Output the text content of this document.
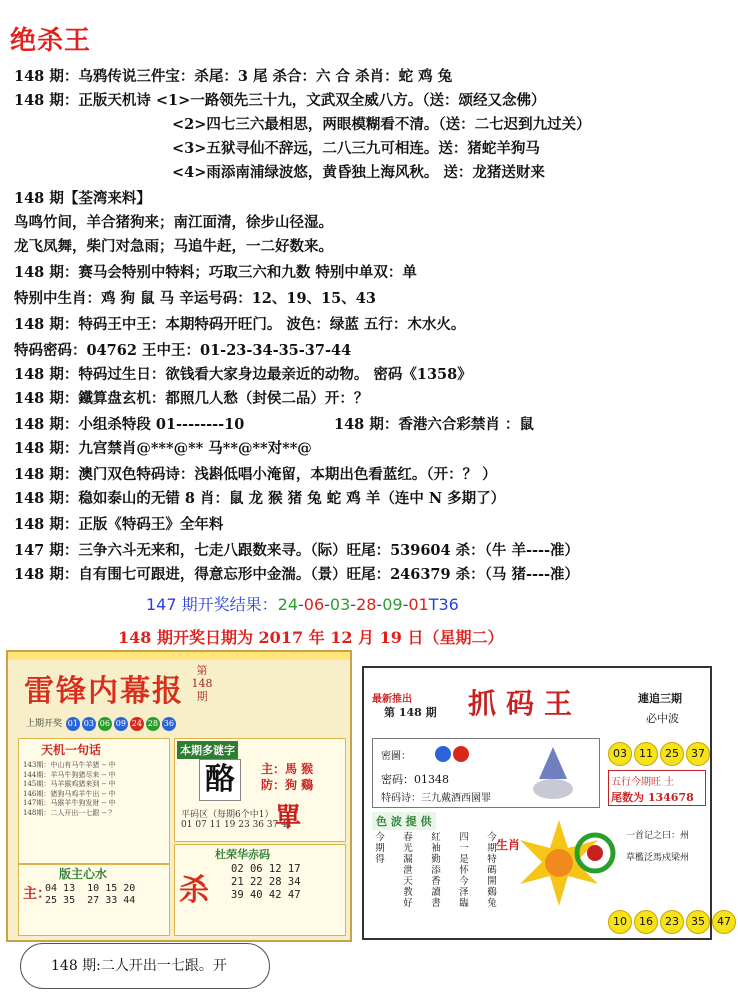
绝杀王
148 期：乌鸦传说三件宝：杀尾：3 尾 杀合：六 合 杀肖：蛇 鸡 兔
148 期：正版天机诗 <1>一路领先三十九，文武双全威八方。（送：颂经又念佛）
<2>四七三六最相思，两眼模糊看不清。（送：二七迟到九过关）
<3>五狱寻仙不辞远，二八三九可相连。送：猪蛇羊狗马
<4>雨添南浦绿波悠，黄昏独上海风秋。 送：龙猪送财来
148 期【荃湾来料】
鸟鸣竹间，羊合猪狗来；南江面清，徐步山径湿。
龙飞凤舞，柴门对急雨；马追牛赶，一二好数来。
148 期：赛马会特别中特料；巧取三六和九数 特别中单双：单
特别中生肖：鸡 狗 鼠 马 辛运号码：12、19、15、43
148 期：特码王中王：本期特码开旺门。 波色：绿蓝 五行：木水火。
特码密码：04762 王中王：01-23-34-35-37-44
148 期：特码过生日：欲钱看大家身边最亲近的动物。 密码《1358》
148 期：鐵算盘玄机：都照几人愁（封侯二品）开：？
148 期：小组杀特段 01--------10	148 期：香港六合彩禁肖 ：鼠
148 期：九宫禁肖@***@** 马**@**对**@
148 期：澳门双色特码诗：浅斟低唱小淹留，本期出色看蓝红。（开：？ ）
148 期：稳如泰山的无错 8 肖：鼠 龙 猴 猪 兔 蛇 鸡 羊（连中 N 多期了）
148 期：正版《特码王》全年料
147 期：三争六斗无来和，七走八跟数来寻。（际）旺尾：539604 杀：（牛 羊----准）
148 期：自有围七可跟进，得意忘形中金湍。（景）旺尾：246379 杀：（马 猪----准）
147 期开奖结果：24-06-03-28-09-01T36
148 期开奖日期为 2017 年 12 月 19 日（星期二）
雷锋内幕报
第148期
上期开奖 01 03 06 09 24 28 36
天机一句话
143期：中山有马牛羊猪 -- 中
144期：羊马牛狗猪尽来 -- 中
145期：马羊猴鸡猪来到 -- 中
146期：猪狗马鸡羊牛出 -- 中
147期：马猴羊牛狗发财 -- 中
148期：二人开出一七跟 -- ？
版主心水
主：
04 13  10 15 20
25 35  27 33 44
本期多谜字
酪	主：馬 猴
防：狗 鷄
平码区（每期6个中1）
01 07 11 19 23 36 37 41
單
杜荣华赤码
杀
02 06 12 17
21 22 28 34
39 40 42 47
最新推出
第 148 期 抓码王	連追三期
必中波
密圖：
密码：01348
特码诗：三九戴酒西園罪
03 11 25 37
五行今期旺 土
尾数为 134678
色 波 提 供
今期得
春光漏泄天教好
紅袖勤添香讀書
四一是怀今泽臨
今期特碼開鷄兔
生肖
一首记之曰：州
草檻泛馬戍梁州
10 16 23 35 47
148 期:二人开出一七跟。开
